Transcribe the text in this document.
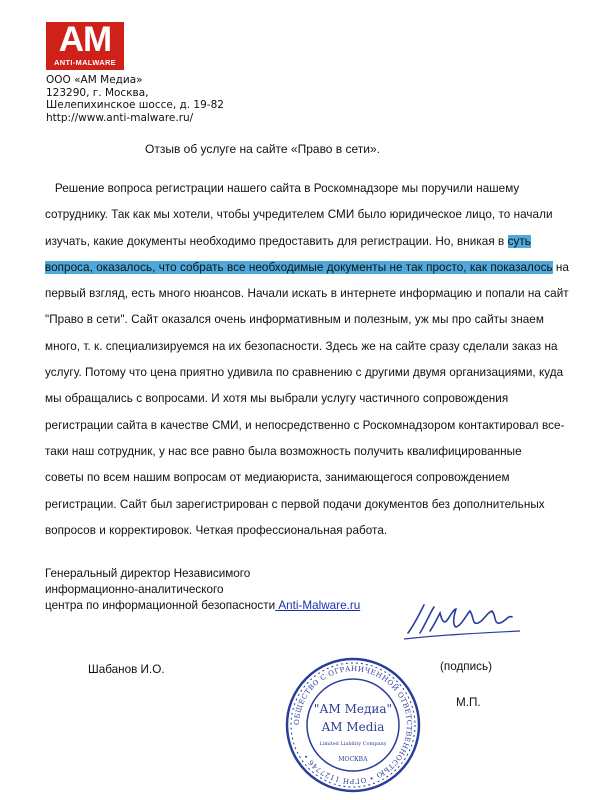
AM
ANTI-MALWARE
ООО «АМ Медиа»
123290, г. Москва,
Шелепихинское шоссе, д. 19-82
http://www.anti-malware.ru/
Отзыв об услуге на сайте «Право в сети».
Решение вопроса регистрации нашего сайта в Роскомнадзоре мы поручили нашему
сотруднику. Так как мы хотели, чтобы учредителем СМИ было юридическое лицо, то начали
изучать, какие документы необходимо предоставить для регистрации. Но, вникая в суть
вопроса, оказалось, что собрать все необходимые документы не так просто, как показалось на
первый взгляд, есть много нюансов. Начали искать в интернете информацию и попали на сайт
"Право в сети". Сайт оказался очень информативным и полезным, уж мы про сайты знаем
много, т. к. специализируемся на их безопасности. Здесь же на сайте сразу сделали заказ на
услугу. Потому что цена приятно удивила по сравнению с другими двумя организациями, куда
мы обращались с вопросами. И хотя мы выбрали услугу частичного сопровождения
регистрации сайта в качестве СМИ, и непосредственно с Роскомнадзором контактировал все-
таки наш сотрудник, у нас все равно была возможность получить квалифицированные
советы по всем нашим вопросам от медиаюриста, занимающегося сопровождением
регистрации. Сайт был зарегистрирован с первой подачи документов без дополнительных
вопросов и корректировок. Четкая профессиональная работа.
Генеральный директор Независимого
информационно-аналитического
центра по информационной безопасности Anti-Malware.ru
Шабанов И.О.	(подпись)
М.П.
ОБЩЕСТВО С ОГРАНИЧЕННОЙ ОТВЕТСТВЕННОСТЬЮ • ОГРН 1127746 •
"АМ Медиа"
AM Media
Limited Liability Company
МОСКВА
